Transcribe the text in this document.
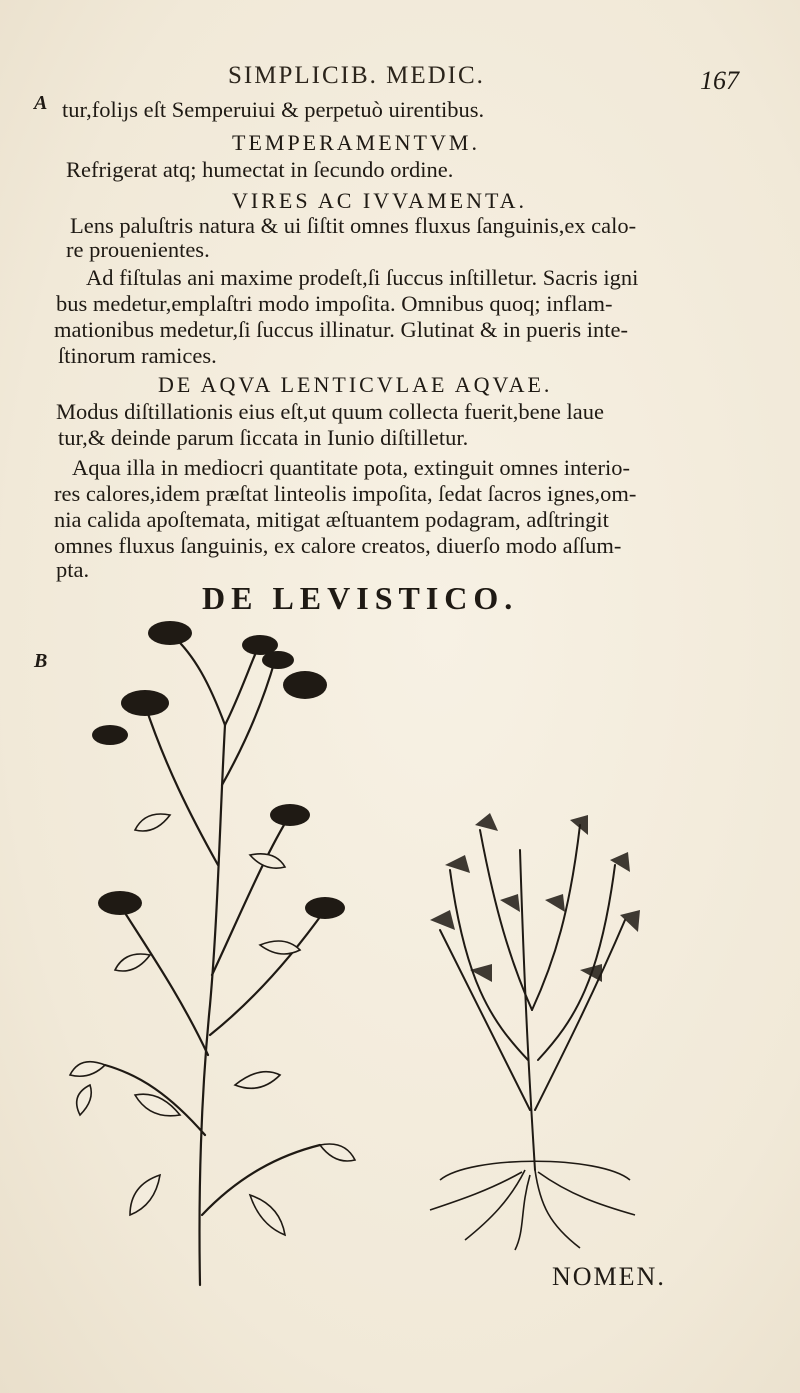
SIMPLICIB. MEDIC.	167
A
B
tur,foliȷs eſt Semperuiui & perpetuò uirentibus.
TEMPERAMENTVM.
Refrigerat atq; humectat in ſecundo ordine.
VIRES AC IVVAMENTA.
Lens paluſtris natura & ui ſiſtit omnes fluxus ſanguinis,ex calo-
re prouenientes.
Ad fiſtulas ani maxime prodeſt,ſi ſuccus inſtilletur. Sacris igni
bus medetur,emplaſtri modo impoſita. Omnibus quoq; inflam-
mationibus medetur,ſi ſuccus illinatur. Glutinat & in pueris inte-
ſtinorum ramices.
DE AQVA LENTICVLAE AQVAE.
Modus diſtillationis eius eſt,ut quum collecta fuerit,bene laue
tur,& deinde parum ſiccata in Iunio diſtilletur.
Aqua illa in mediocri quantitate pota, extinguit omnes interio-
res calores,idem præſtat linteolis impoſita, ſedat ſacros ignes,om-
nia calida apoſtemata, mitigat æſtuantem podagram, adſtringit
omnes fluxus ſanguinis, ex calore creatos, diuerſo modo aſſum-
pta.
DE LEVISTICO.
NOMEN.
